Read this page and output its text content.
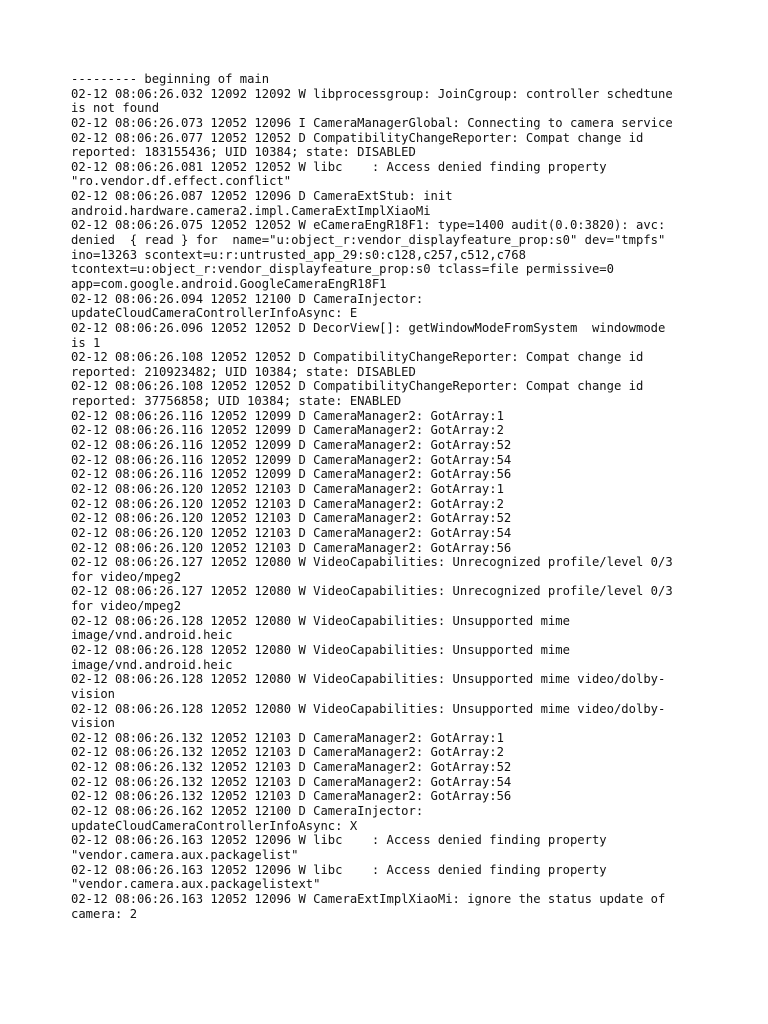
--------- beginning of main
02-12 08:06:26.032 12092 12092 W libprocessgroup: JoinCgroup: controller schedtune
is not found
02-12 08:06:26.073 12052 12096 I CameraManagerGlobal: Connecting to camera service
02-12 08:06:26.077 12052 12052 D CompatibilityChangeReporter: Compat change id
reported: 183155436; UID 10384; state: DISABLED
02-12 08:06:26.081 12052 12052 W libc    : Access denied finding property
"ro.vendor.df.effect.conflict"
02-12 08:06:26.087 12052 12096 D CameraExtStub: init
android.hardware.camera2.impl.CameraExtImplXiaoMi
02-12 08:06:26.075 12052 12052 W eCameraEngR18F1: type=1400 audit(0.0:3820): avc:
denied  { read } for  name="u:object_r:vendor_displayfeature_prop:s0" dev="tmpfs"
ino=13263 scontext=u:r:untrusted_app_29:s0:c128,c257,c512,c768
tcontext=u:object_r:vendor_displayfeature_prop:s0 tclass=file permissive=0
app=com.google.android.GoogleCameraEngR18F1
02-12 08:06:26.094 12052 12100 D CameraInjector:
updateCloudCameraControllerInfoAsync: E
02-12 08:06:26.096 12052 12052 D DecorView[]: getWindowModeFromSystem  windowmode
is 1
02-12 08:06:26.108 12052 12052 D CompatibilityChangeReporter: Compat change id
reported: 210923482; UID 10384; state: DISABLED
02-12 08:06:26.108 12052 12052 D CompatibilityChangeReporter: Compat change id
reported: 37756858; UID 10384; state: ENABLED
02-12 08:06:26.116 12052 12099 D CameraManager2: GotArray:1
02-12 08:06:26.116 12052 12099 D CameraManager2: GotArray:2
02-12 08:06:26.116 12052 12099 D CameraManager2: GotArray:52
02-12 08:06:26.116 12052 12099 D CameraManager2: GotArray:54
02-12 08:06:26.116 12052 12099 D CameraManager2: GotArray:56
02-12 08:06:26.120 12052 12103 D CameraManager2: GotArray:1
02-12 08:06:26.120 12052 12103 D CameraManager2: GotArray:2
02-12 08:06:26.120 12052 12103 D CameraManager2: GotArray:52
02-12 08:06:26.120 12052 12103 D CameraManager2: GotArray:54
02-12 08:06:26.120 12052 12103 D CameraManager2: GotArray:56
02-12 08:06:26.127 12052 12080 W VideoCapabilities: Unrecognized profile/level 0/3
for video/mpeg2
02-12 08:06:26.127 12052 12080 W VideoCapabilities: Unrecognized profile/level 0/3
for video/mpeg2
02-12 08:06:26.128 12052 12080 W VideoCapabilities: Unsupported mime
image/vnd.android.heic
02-12 08:06:26.128 12052 12080 W VideoCapabilities: Unsupported mime
image/vnd.android.heic
02-12 08:06:26.128 12052 12080 W VideoCapabilities: Unsupported mime video/dolby-
vision
02-12 08:06:26.128 12052 12080 W VideoCapabilities: Unsupported mime video/dolby-
vision
02-12 08:06:26.132 12052 12103 D CameraManager2: GotArray:1
02-12 08:06:26.132 12052 12103 D CameraManager2: GotArray:2
02-12 08:06:26.132 12052 12103 D CameraManager2: GotArray:52
02-12 08:06:26.132 12052 12103 D CameraManager2: GotArray:54
02-12 08:06:26.132 12052 12103 D CameraManager2: GotArray:56
02-12 08:06:26.162 12052 12100 D CameraInjector:
updateCloudCameraControllerInfoAsync: X
02-12 08:06:26.163 12052 12096 W libc    : Access denied finding property
"vendor.camera.aux.packagelist"
02-12 08:06:26.163 12052 12096 W libc    : Access denied finding property
"vendor.camera.aux.packagelistext"
02-12 08:06:26.163 12052 12096 W CameraExtImplXiaoMi: ignore the status update of
camera: 2
